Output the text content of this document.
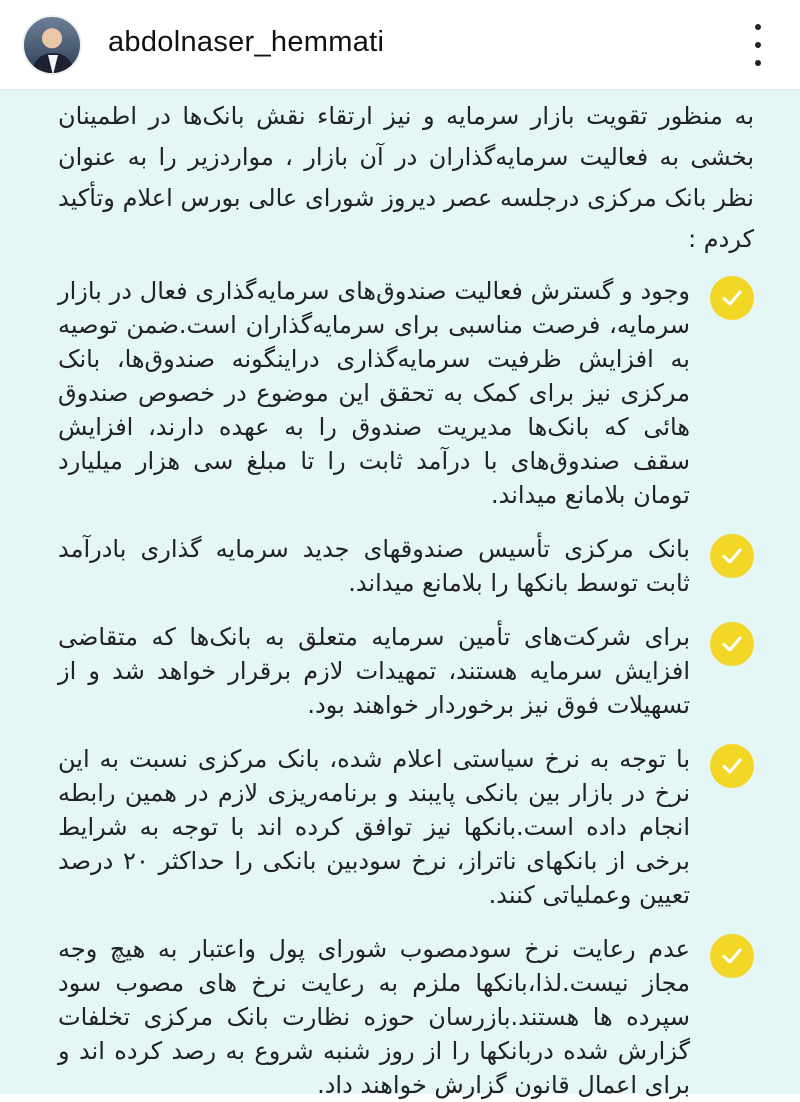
abdolnaser_hemmati

به منظور تقویت بازار سرمایه و نیز ارتقاء نقش بانک‌ها در اطمینان بخشی به فعالیت سرمایه‌گذاران در آن بازار ، مواردزیر را به عنوان نظر بانک مرکزی درجلسه عصر دیروز شورای عالی بورس اعلام وتأکید کردم :

وجود و گسترش فعالیت صندوق‌های سرمایه‌گذاری فعال در بازار سرمایه، فرصت مناسبی برای سرمایه‌گذاران است.ضمن توصیه به افزایش ظرفیت سرمایه‌گذاری دراینگونه صندوق‌ها، بانک مرکزی نیز برای کمک به تحقق این موضوع در خصوص صندوق هائی که بانک‌ها مدیریت صندوق را به عهده دارند، افزایش سقف صندوق‌های با درآمد ثابت را تا مبلغ سی هزار میلیارد تومان بلامانع میداند.
بانک مرکزی تأسیس صندوقهای جدید سرمایه گذاری بادرآمد ثابت توسط بانکها را بلامانع میداند.
برای شرکت‌های تأمین سرمایه متعلق به بانک‌ها که متقاضی افزایش سرمایه هستند، تمهیدات لازم برقرار خواهد شد و از تسهیلات فوق نیز برخوردار خواهند بود.
با توجه به نرخ سیاستی اعلام شده، بانک مرکزی نسبت به این نرخ در بازار بین بانکی پایبند و برنامه‌ریزی لازم در همین رابطه انجام داده است.بانکها نیز توافق کرده اند با توجه به شرایط برخی از بانکهای ناتراز، نرخ سودبین بانکی را حداکثر ۲۰ درصد تعیین وعملیاتی کنند.
عدم رعایت نرخ سودمصوب شورای پول واعتبار به هیچ وجه مجاز نیست.لذا،بانکها ملزم به رعایت نرخ های مصوب سود سپرده ها هستند.بازرسان حوزه نظارت بانک مرکزی تخلفات گزارش شده دربانکها را از روز شنبه شروع به رصد کرده اند و برای اعمال قانون گزارش خواهند داد.
